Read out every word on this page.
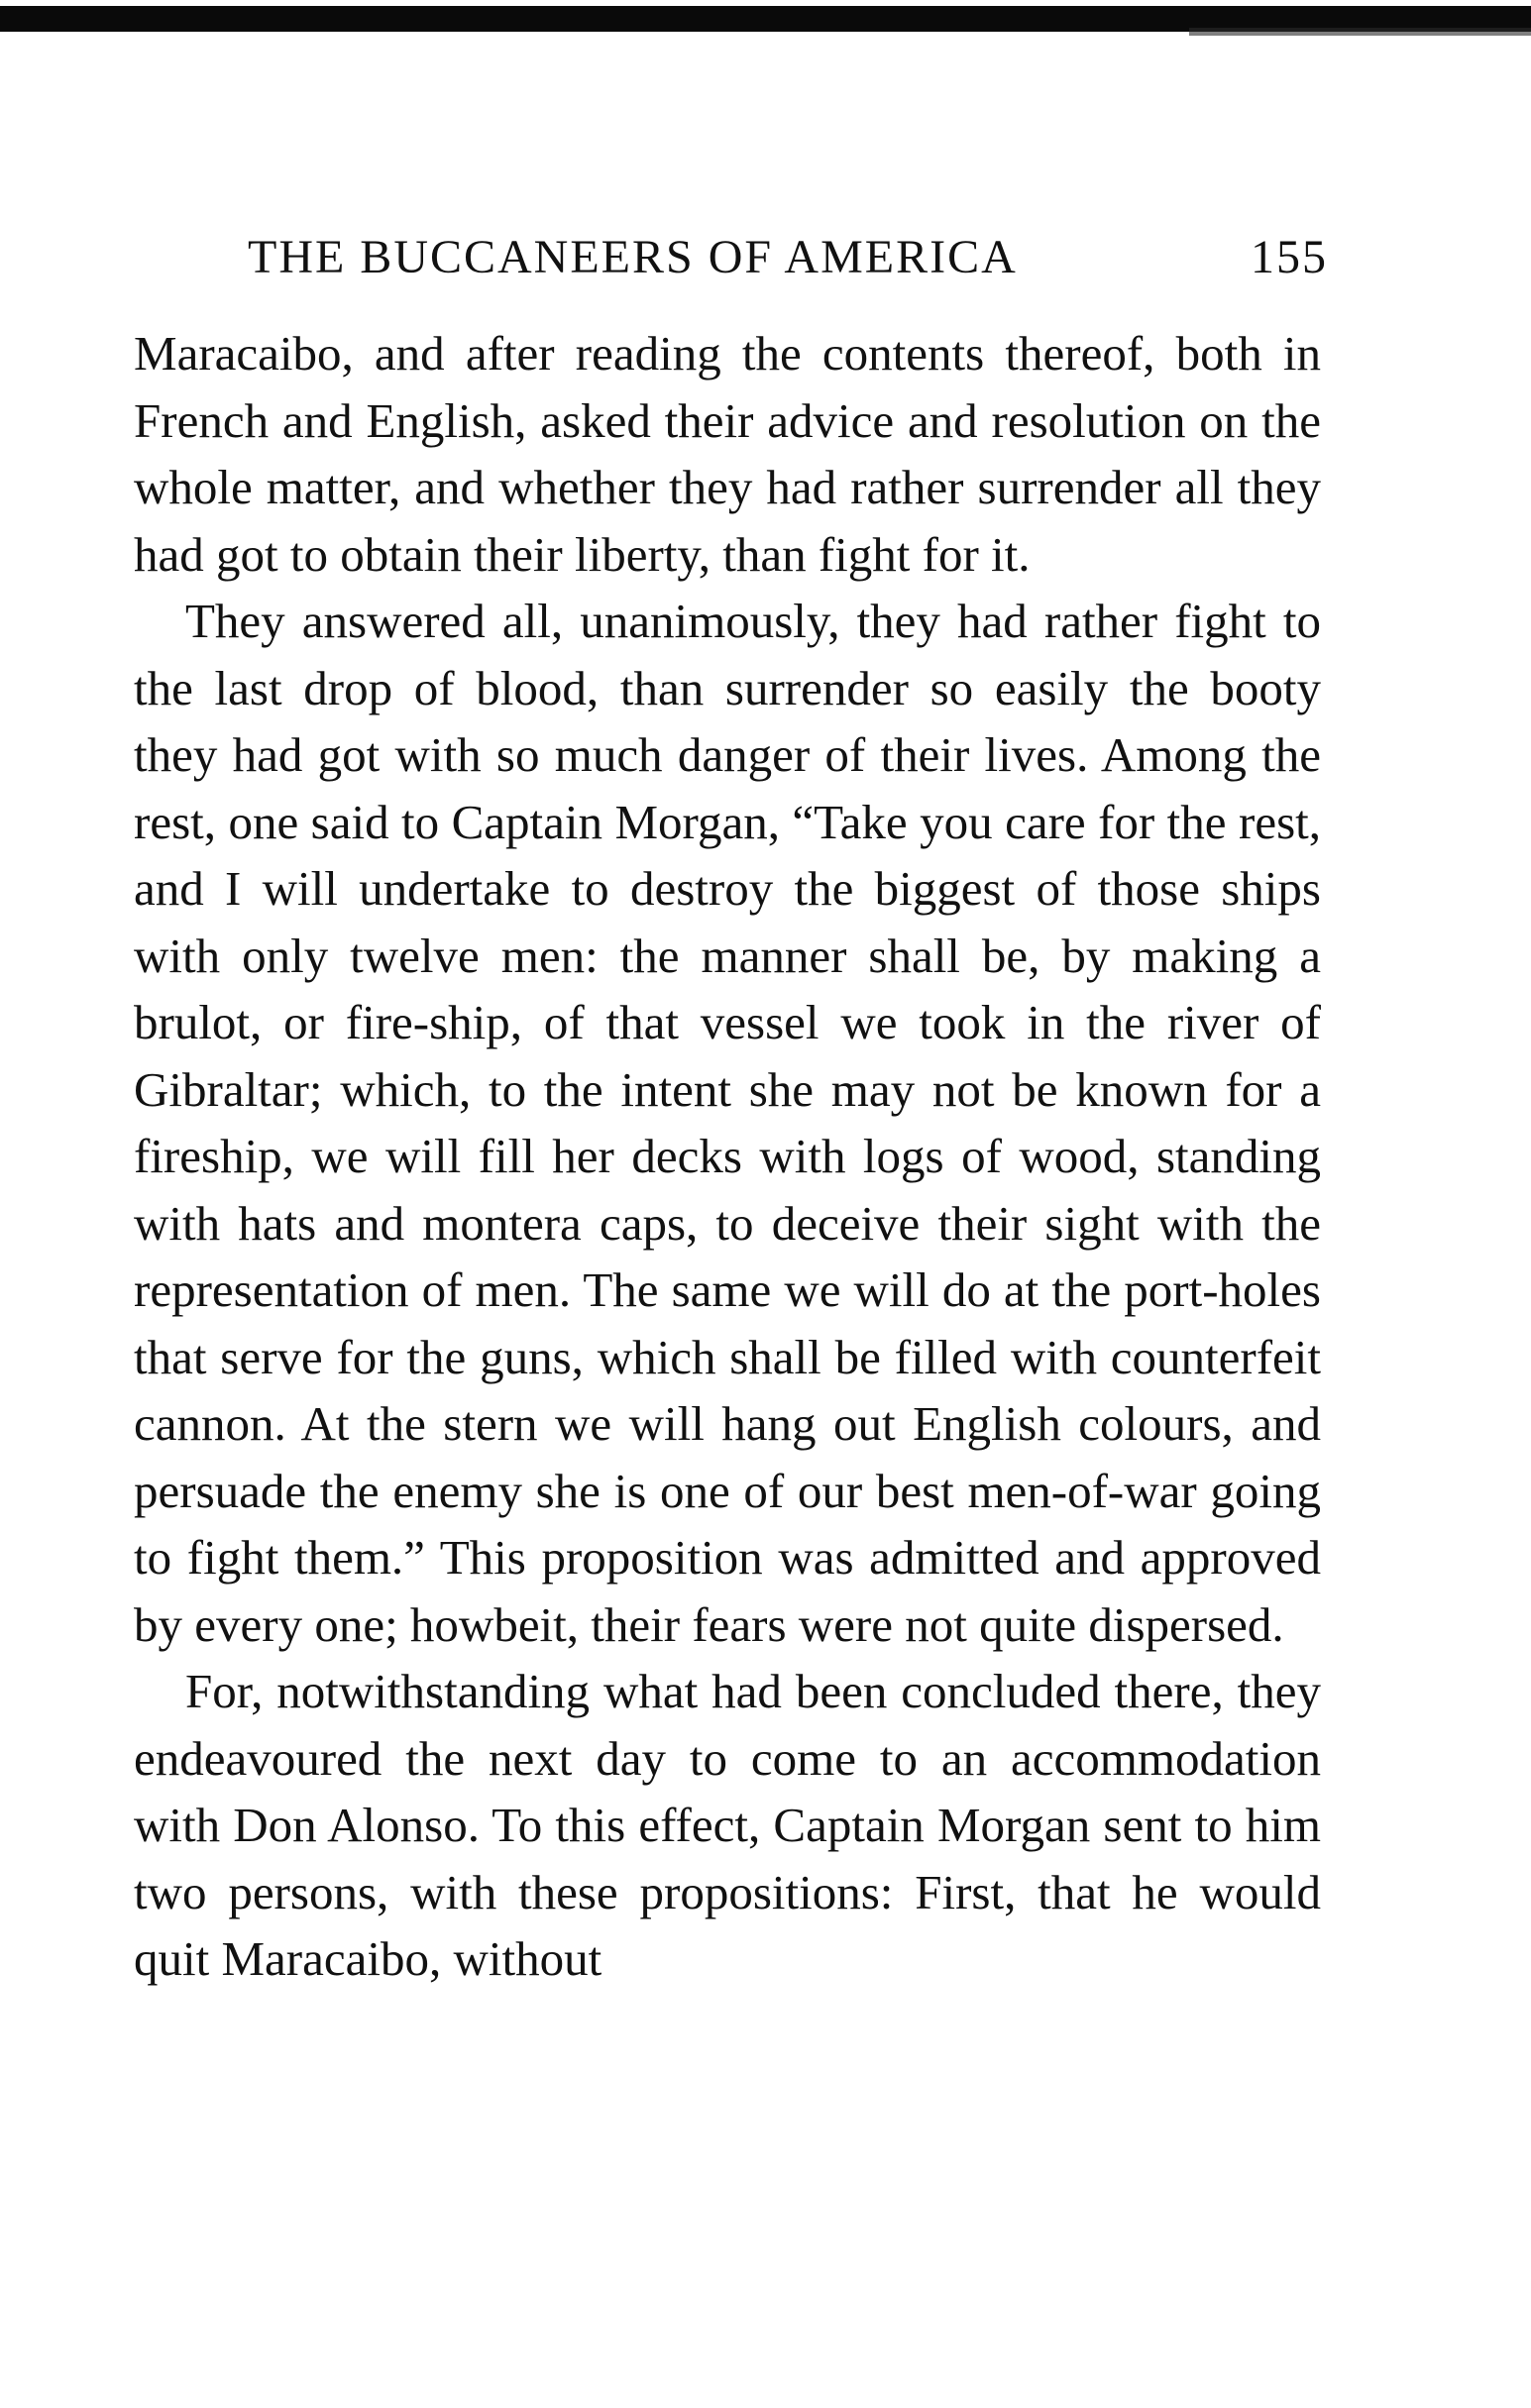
THE BUCCANEERS OF AMERICA	155

Maracaibo, and after reading the contents thereof, both in French and English, asked their advice and resolution on the whole matter, and whether they had rather surrender all they had got to obtain their liberty, than fight for it.

They answered all, unanimously, they had rather fight to the last drop of blood, than surrender so easily the booty they had got with so much danger of their lives. Among the rest, one said to Captain Morgan, “Take you care for the rest, and I will undertake to destroy the biggest of those ships with only twelve men: the manner shall be, by making a brulot, or fire-ship, of that vessel we took in the river of Gibraltar; which, to the intent she may not be known for a fireship, we will fill her decks with logs of wood, standing with hats and montera caps, to deceive their sight with the representation of men. The same we will do at the port-holes that serve for the guns, which shall be filled with counterfeit cannon. At the stern we will hang out English colours, and persuade the enemy she is one of our best men-of-war going to fight them.” This proposition was admitted and approved by every one; howbeit, their fears were not quite dispersed.

For, notwithstanding what had been concluded there, they endeavoured the next day to come to an accommodation with Don Alonso. To this effect, Captain Morgan sent to him two persons, with these propositions: First, that he would quit Maracaibo, without
